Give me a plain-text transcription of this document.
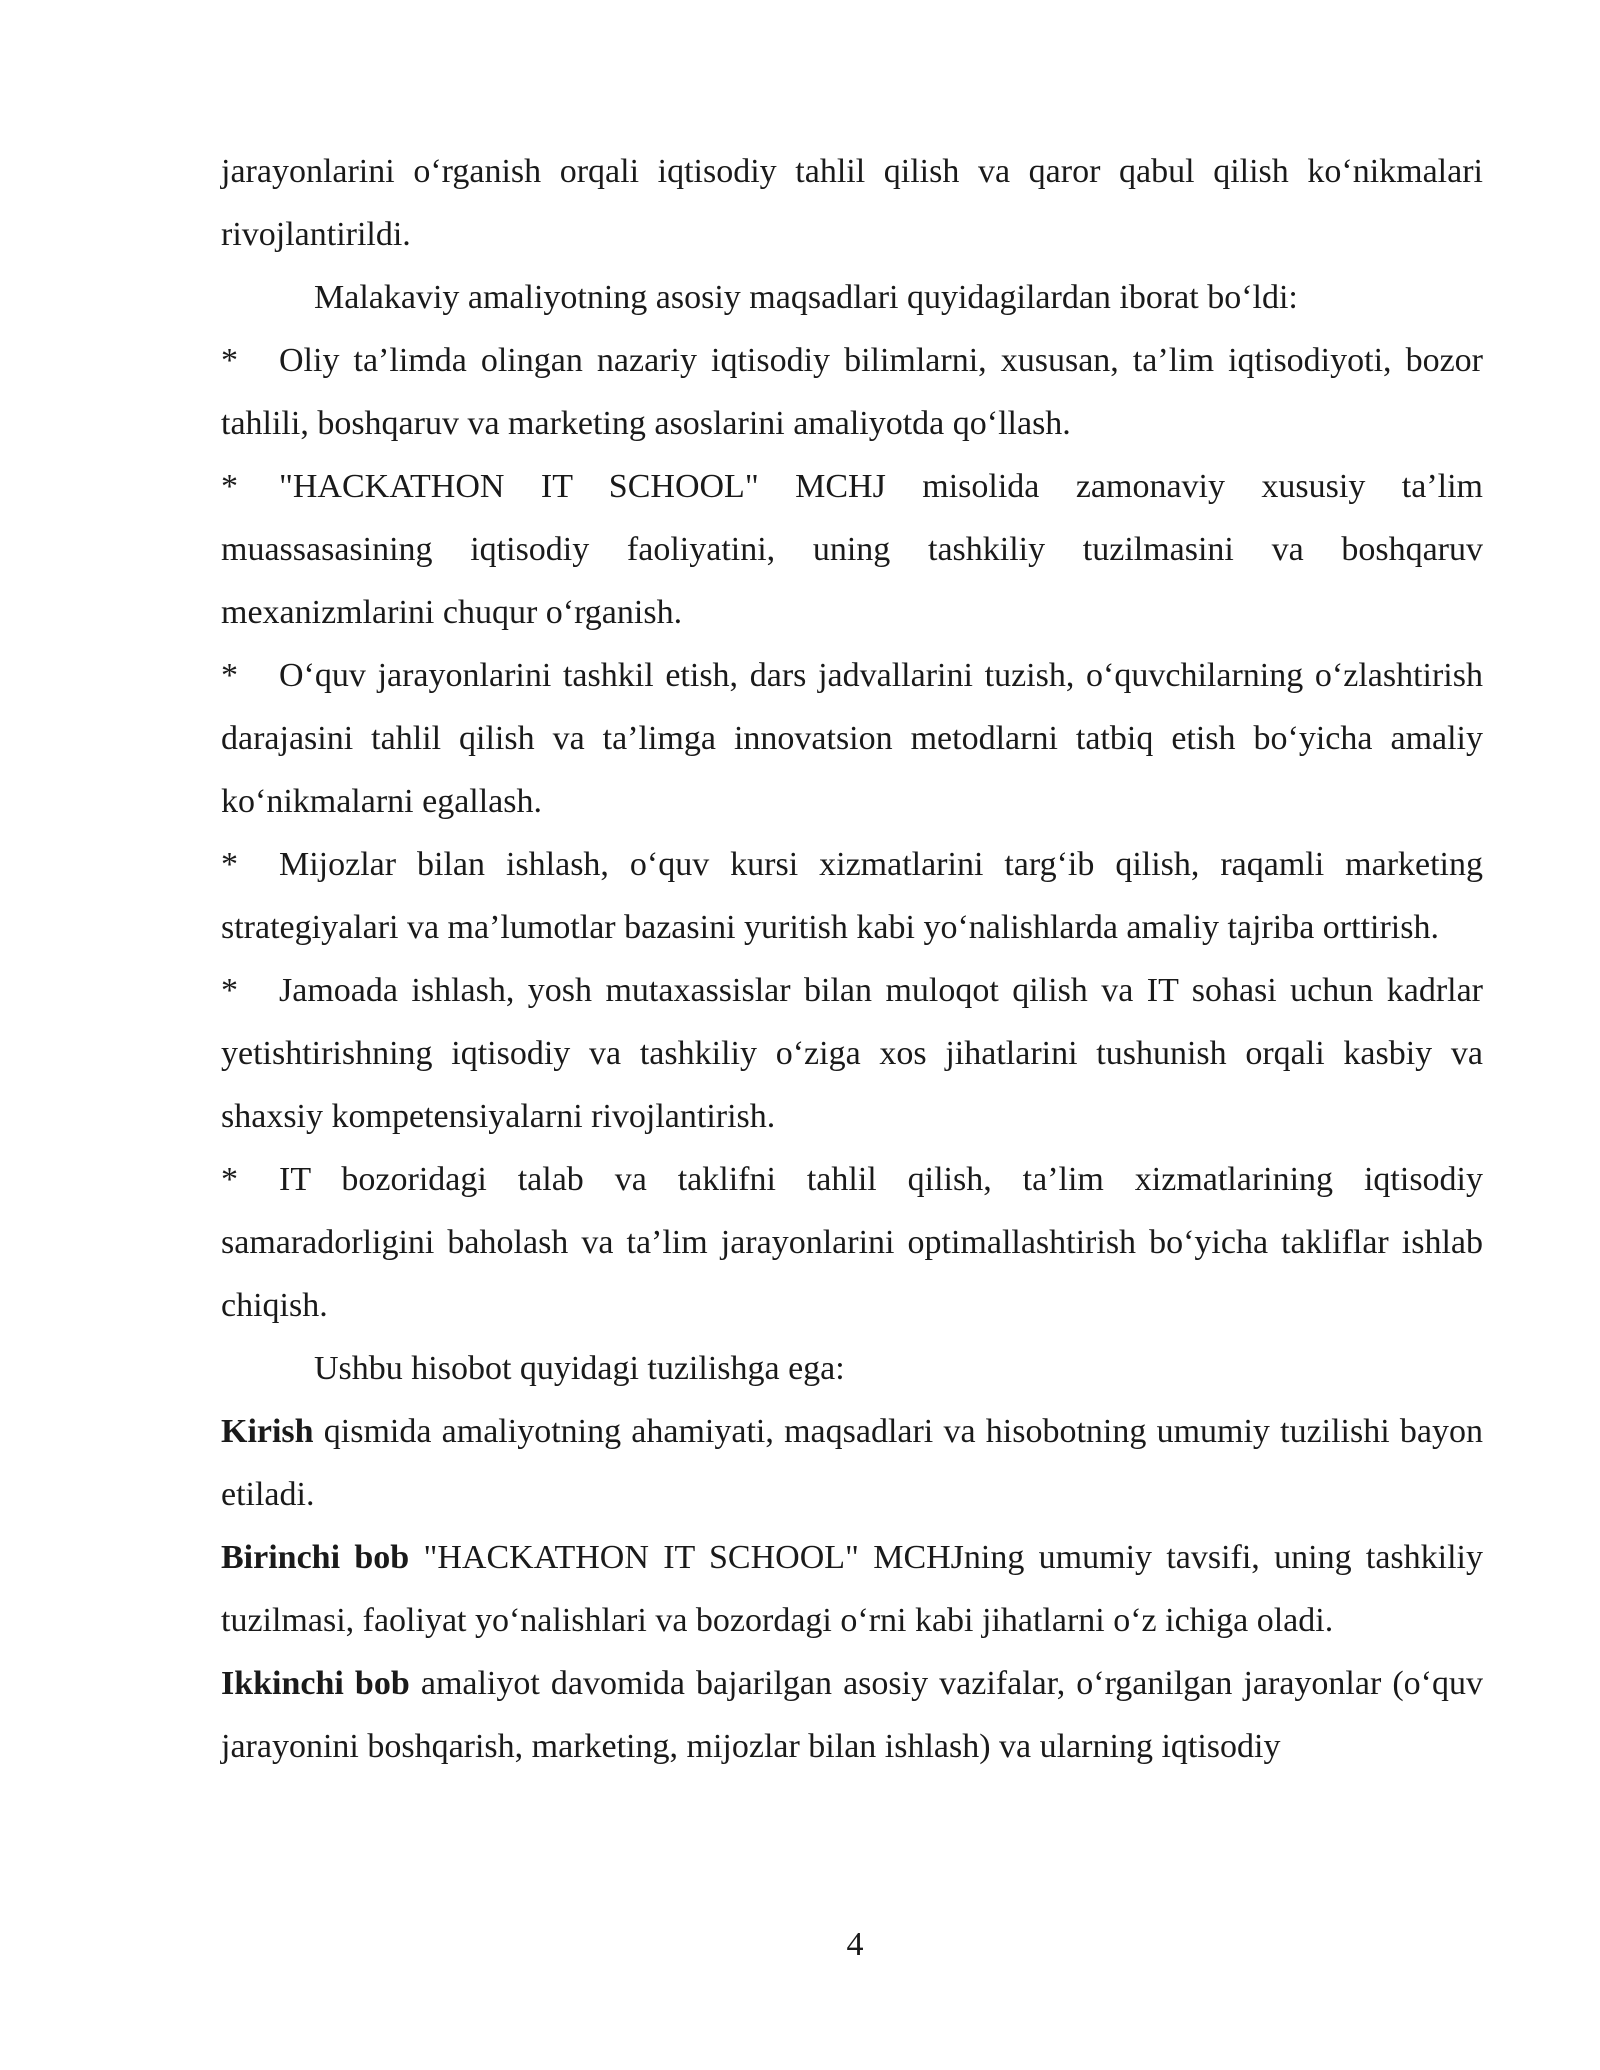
jarayonlarini o‘rganish orqali iqtisodiy tahlil qilish va qaror qabul qilish ko‘nikmalari rivojlantirildi.

Malakaviy amaliyotning asosiy maqsadlari quyidagilardan iborat bo‘ldi:

* Oliy ta’limda olingan nazariy iqtisodiy bilimlarni, xususan, ta’lim iqtisodiyoti, bozor tahlili, boshqaruv va marketing asoslarini amaliyotda qo‘llash.

* "HACKATHON IT SCHOOL" MCHJ misolida zamonaviy xususiy ta’lim muassasasining iqtisodiy faoliyatini, uning tashkiliy tuzilmasini va boshqaruv mexanizmlarini chuqur o‘rganish.

* O‘quv jarayonlarini tashkil etish, dars jadvallarini tuzish, o‘quvchilarning o‘zlashtirish darajasini tahlil qilish va ta’limga innovatsion metodlarni tatbiq etish bo‘yicha amaliy ko‘nikmalarni egallash.

* Mijozlar bilan ishlash, o‘quv kursi xizmatlarini targ‘ib qilish, raqamli marketing strategiyalari va ma’lumotlar bazasini yuritish kabi yo‘nalishlarda amaliy tajriba orttirish.

* Jamoada ishlash, yosh mutaxassislar bilan muloqot qilish va IT sohasi uchun kadrlar yetishtirishning iqtisodiy va tashkiliy o‘ziga xos jihatlarini tushunish orqali kasbiy va shaxsiy kompetensiyalarni rivojlantirish.

* IT bozoridagi talab va taklifni tahlil qilish, ta’lim xizmatlarining iqtisodiy samaradorligini baholash va ta’lim jarayonlarini optimallashtirish bo‘yicha takliflar ishlab chiqish.

Ushbu hisobot quyidagi tuzilishga ega:

Kirish qismida amaliyotning ahamiyati, maqsadlari va hisobotning umumiy tuzilishi bayon etiladi.

Birinchi bob "HACKATHON IT SCHOOL" MCHJning umumiy tavsifi, uning tashkiliy tuzilmasi, faoliyat yo‘nalishlari va bozordagi o‘rni kabi jihatlarni o‘z ichiga oladi.

Ikkinchi bob amaliyot davomida bajarilgan asosiy vazifalar, o‘rganilgan jarayonlar (o‘quv jarayonini boshqarish, marketing, mijozlar bilan ishlash) va ularning iqtisodiy

4
